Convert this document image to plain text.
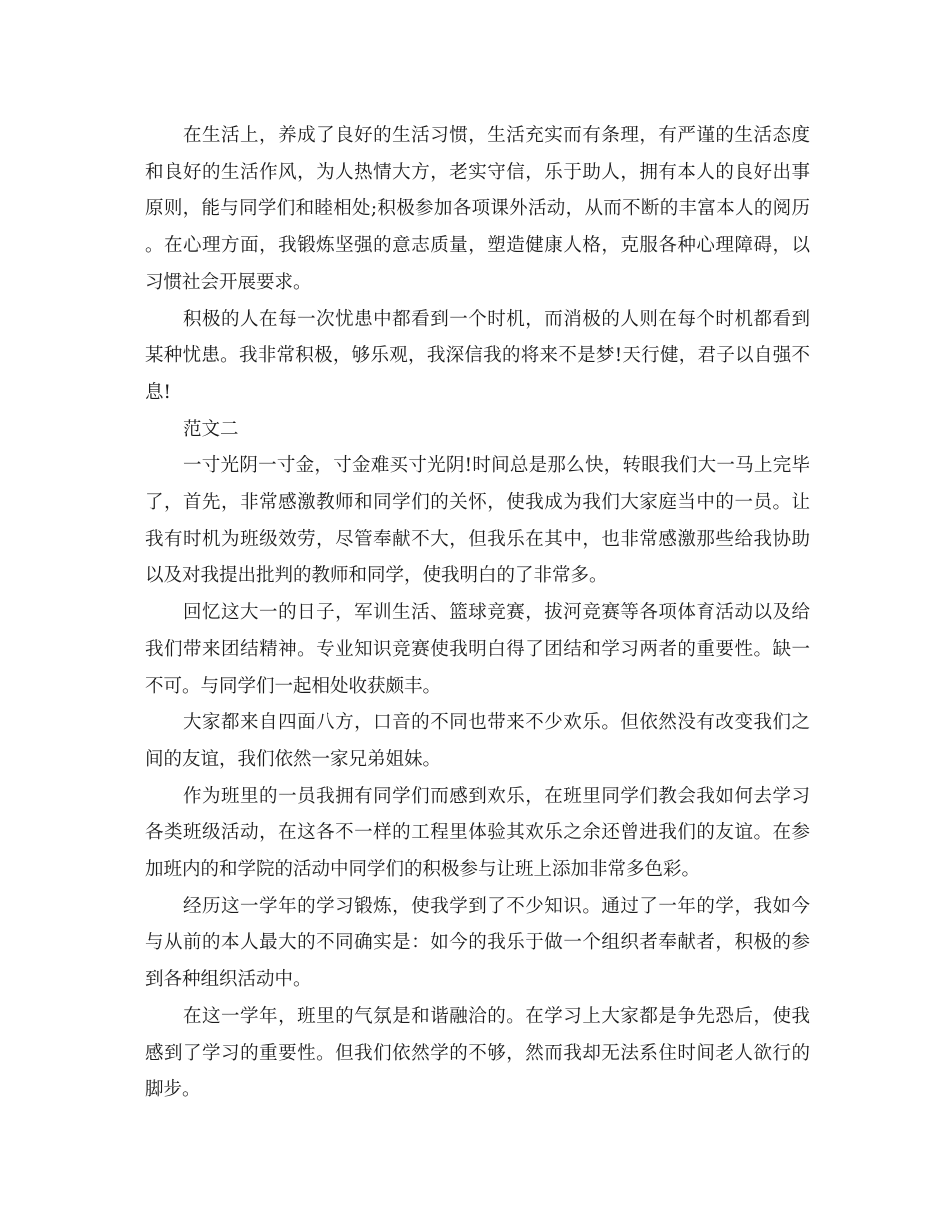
在生活上，养成了良好的生活习惯，生活充实而有条理，有严谨的生活态度和良好的生活作风，为人热情大方，老实守信，乐于助人，拥有本人的良好出事原则，能与同学们和睦相处;积极参加各项课外活动，从而不断的丰富本人的阅历。在心理方面，我锻炼坚强的意志质量，塑造健康人格，克服各种心理障碍，以习惯社会开展要求。

积极的人在每一次忧患中都看到一个时机，而消极的人则在每个时机都看到某种忧患。我非常积极，够乐观，我深信我的将来不是梦!天行健，君子以自强不息!

范文二

一寸光阴一寸金，寸金难买寸光阴!时间总是那么快，转眼我们大一马上完毕了，首先，非常感激教师和同学们的关怀，使我成为我们大家庭当中的一员。让我有时机为班级效劳，尽管奉献不大，但我乐在其中，也非常感激那些给我协助以及对我提出批判的教师和同学，使我明白的了非常多。

回忆这大一的日子，军训生活、篮球竞赛，拔河竞赛等各项体育活动以及给我们带来团结精神。专业知识竞赛使我明白得了团结和学习两者的重要性。缺一不可。与同学们一起相处收获颇丰。

大家都来自四面八方，口音的不同也带来不少欢乐。但依然没有改变我们之间的友谊，我们依然一家兄弟姐妹。

作为班里的一员我拥有同学们而感到欢乐，在班里同学们教会我如何去学习各类班级活动，在这各不一样的工程里体验其欢乐之余还曾进我们的友谊。在参加班内的和学院的活动中同学们的积极参与让班上添加非常多色彩。

经历这一学年的学习锻炼，使我学到了不少知识。通过了一年的学，我如今与从前的本人最大的不同确实是：如今的我乐于做一个组织者奉献者，积极的参到各种组织活动中。

在这一学年，班里的气氛是和谐融洽的。在学习上大家都是争先恐后，使我感到了学习的重要性。但我们依然学的不够，然而我却无法系住时间老人欲行的脚步。
